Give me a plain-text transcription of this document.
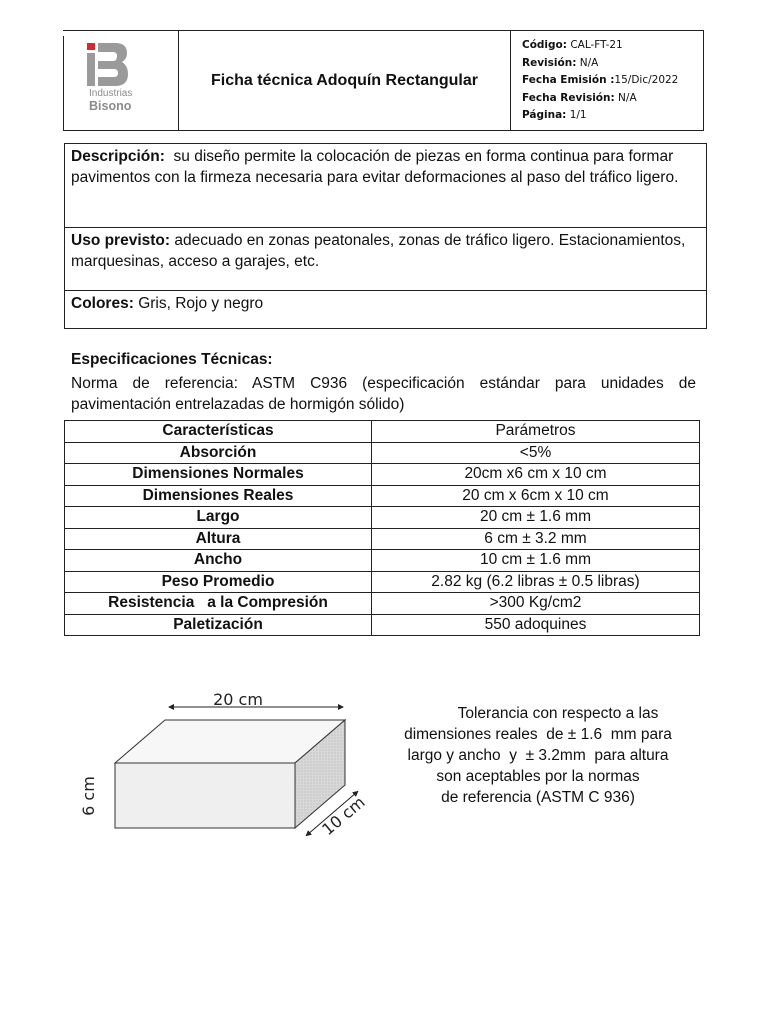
Industrias
Bisono
Ficha técnica Adoquín Rectangular
Código: CAL-FT-21
Revisión: N/A
Fecha Emisión :15/Dic/2022
Fecha Revisión: N/A
Página: 1/1
Descripción: su diseño permite la colocación de piezas en forma continua para formar pavimentos con la firmeza necesaria para evitar deformaciones al paso del tráfico ligero.
Uso previsto: adecuado en zonas peatonales, zonas de tráfico ligero. Estacionamientos, marquesinas, acceso a garajes, etc.
Colores: Gris, Rojo y negro
Especificaciones Técnicas:
Norma de referencia: ASTM C936 (especificación estándar para unidades de pavimentación entrelazadas de hormigón sólido)
Características	Parámetros
Absorción	<5%
Dimensiones Normales	20cm x6 cm x 10 cm
Dimensiones Reales	20 cm x 6cm x 10 cm
Largo	20 cm ± 1.6 mm
Altura	6 cm ± 3.2 mm
Ancho	10 cm ± 1.6 mm
Peso Promedio	2.82 kg (6.2 libras ± 0.5 libras)
Resistencia   a la Compresión	>300 Kg/cm2
Paletización	550 adoquines
20 cm
6 cm	10 cm
Tolerancia con respecto a las
dimensiones reales  de ± 1.6  mm para
largo y ancho  y  ± 3.2mm  para altura
son aceptables por la normas
de referencia (ASTM C 936)
